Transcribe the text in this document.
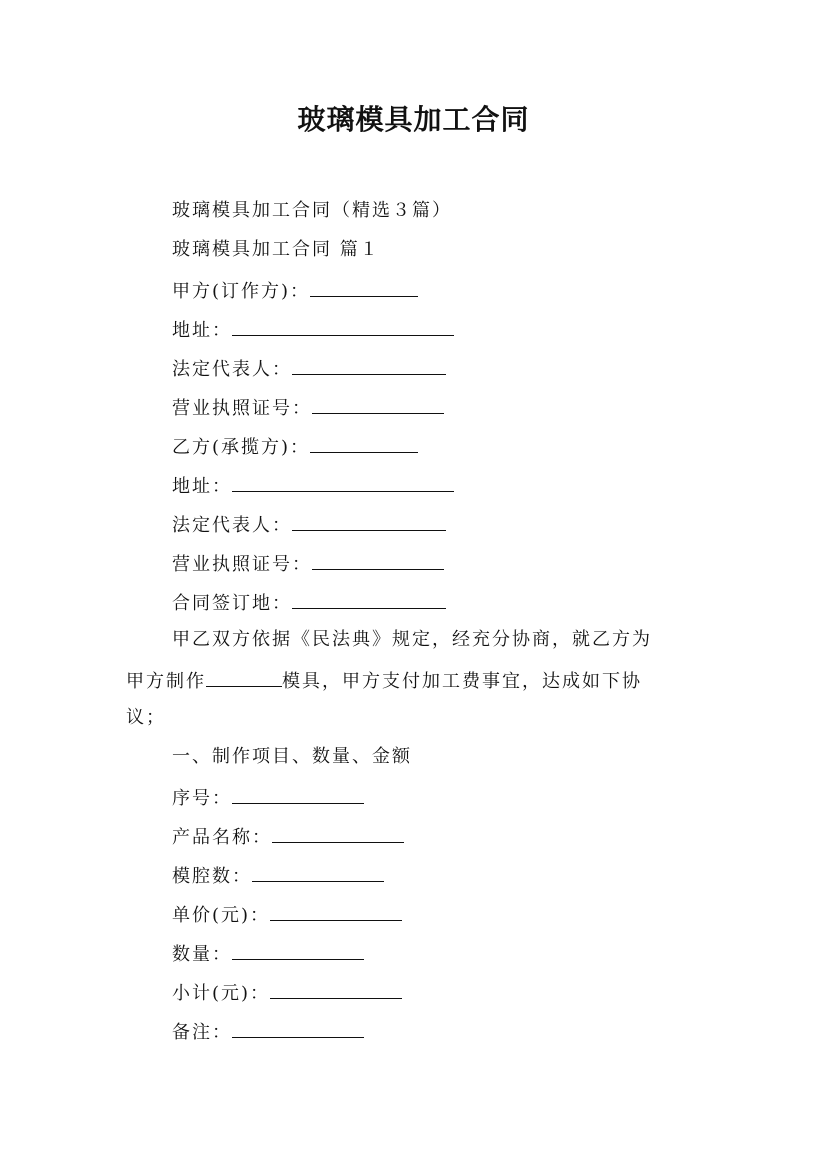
玻璃模具加工合同
玻璃模具加工合同（精选３篇）
玻璃模具加工合同 篇１
甲方(订作方)：
地址：
法定代表人：
营业执照证号：
乙方(承揽方)：
地址：
法定代表人：
营业执照证号：
合同签订地：
甲乙双方依据《民法典》规定，经充分协商，就乙方为
甲方制作	模具，甲方支付加工费事宜，达成如下协
议；
一、制作项目、数量、金额
序号：
产品名称：
模腔数：
单价(元)：
数量：
小计(元)：
备注：
